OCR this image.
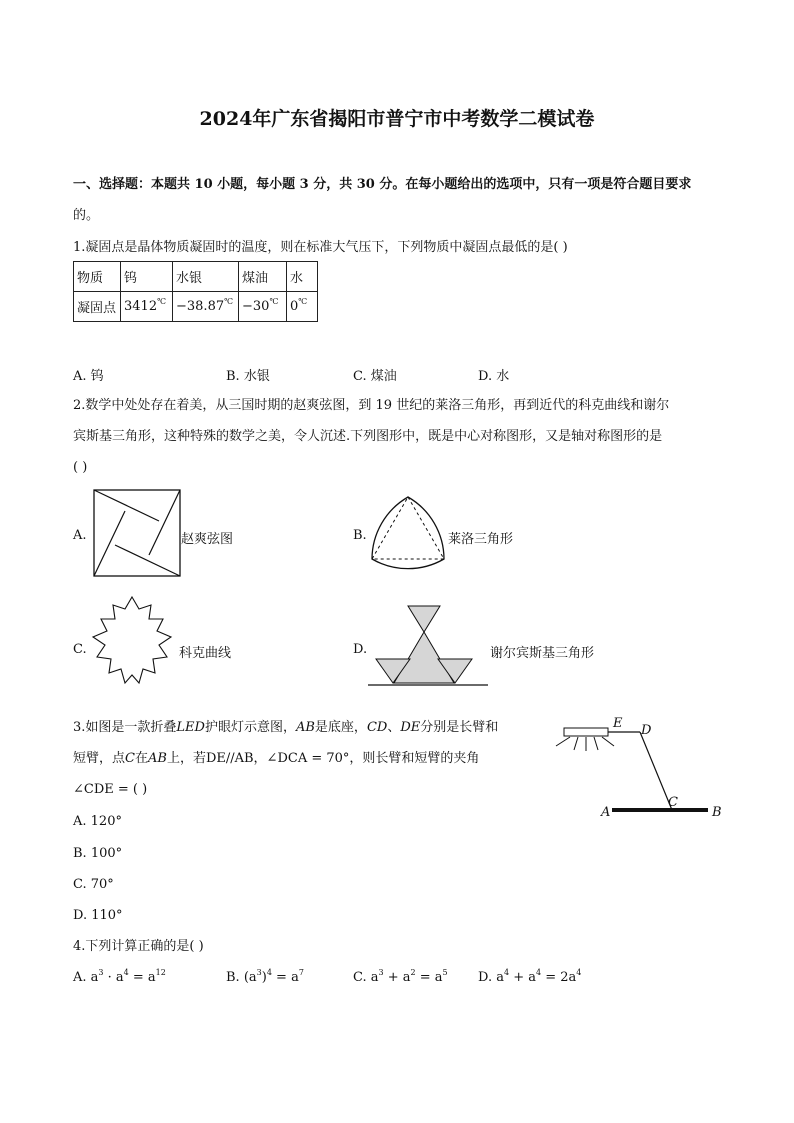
2024年广东省揭阳市普宁市中考数学二模试卷
一、选择题：本题共 10 小题，每小题 3 分，共 30 分。在每小题给出的选项中，只有一项是符合题目要求
的。
1.凝固点是晶体物质凝固时的温度，则在标准大气压下，下列物质中凝固点最低的是( )
物质	钨	水银	煤油	水
凝固点	3412℃	−38.87℃	−30℃	0℃
A. 钨	B. 水银	C. 煤油	D. 水
2.数学中处处存在着美，从三国时期的赵爽弦图，到 19 世纪的莱洛三角形，再到近代的科克曲线和谢尔
宾斯基三角形，这种特殊的数学之美，令人沉述.下列图形中，既是中心对称图形，又是轴对称图形的是
( )
A.	赵爽弦图	B.	莱洛三角形
C.	科克曲线	D.	谢尔宾斯基三角形
3.如图是一款折叠LED护眼灯示意图，AB是底座，CD、DE分别是长臂和
短臂，点C在AB上，若DE//AB，∠DCA = 70°，则长臂和短臂的夹角
∠CDE = ( )
A. 120°
B. 100°
C. 70°
D. 110°
E D
A
C
B
4.下列计算正确的是( )
A. $a^3 \cdot a^4 = a^{12}$	B. $(a^3)^4 = a^7$	C. $a^3 + a^2 = a^5$ D. $a^4 + a^4 = 2a^4$
